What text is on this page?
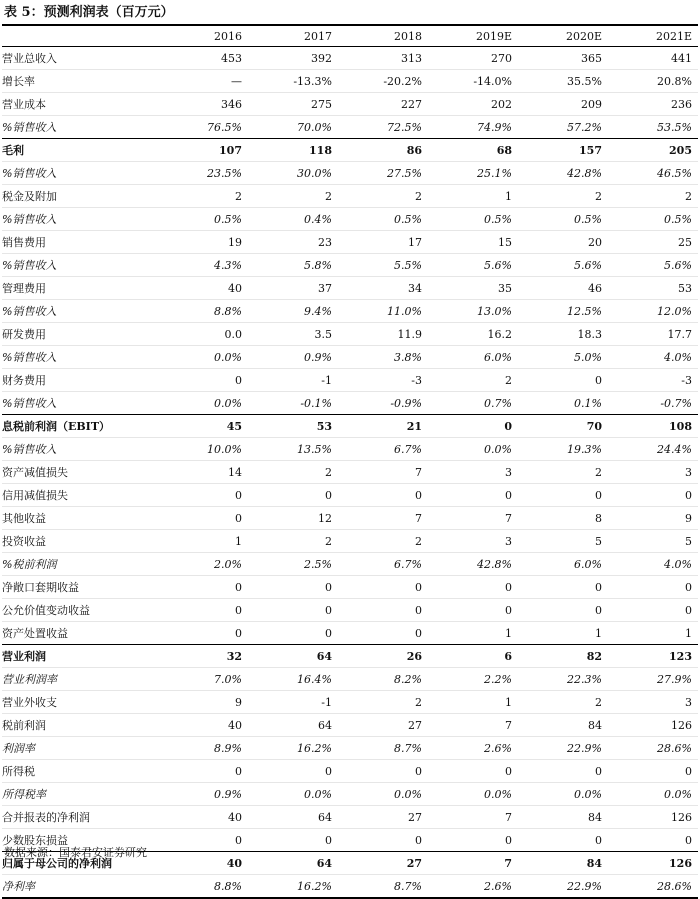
表 5：预测利润表（百万元）
	2016	2017	2018	2019E	2020E	2021E
营业总收入	453	392	313	270	365	441
增长率	—	-13.3%	-20.2%	-14.0%	35.5%	20.8%
营业成本	346	275	227	202	209	236
%销售收入	76.5%	70.0%	72.5%	74.9%	57.2%	53.5%
毛利	107	118	86	68	157	205
%销售收入	23.5%	30.0%	27.5%	25.1%	42.8%	46.5%
税金及附加	2	2	2	1	2	2
%销售收入	0.5%	0.4%	0.5%	0.5%	0.5%	0.5%
销售费用	19	23	17	15	20	25
%销售收入	4.3%	5.8%	5.5%	5.6%	5.6%	5.6%
管理费用	40	37	34	35	46	53
%销售收入	8.8%	9.4%	11.0%	13.0%	12.5%	12.0%
研发费用	0.0	3.5	11.9	16.2	18.3	17.7
%销售收入	0.0%	0.9%	3.8%	6.0%	5.0%	4.0%
财务费用	0	-1	-3	2	0	-3
%销售收入	0.0%	-0.1%	-0.9%	0.7%	0.1%	-0.7%
息税前利润（EBIT）	45	53	21	0	70	108
%销售收入	10.0%	13.5%	6.7%	0.0%	19.3%	24.4%
资产减值损失	14	2	7	3	2	3
信用减值损失	0	0	0	0	0	0
其他收益	0	12	7	7	8	9
投资收益	1	2	2	3	5	5
%税前利润	2.0%	2.5%	6.7%	42.8%	6.0%	4.0%
净敞口套期收益	0	0	0	0	0	0
公允价值变动收益	0	0	0	0	0	0
资产处置收益	0	0	0	1	1	1
营业利润	32	64	26	6	82	123
营业利润率	7.0%	16.4%	8.2%	2.2%	22.3%	27.9%
营业外收支	9	-1	2	1	2	3
税前利润	40	64	27	7	84	126
利润率	8.9%	16.2%	8.7%	2.6%	22.9%	28.6%
所得税	0	0	0	0	0	0
所得税率	0.9%	0.0%	0.0%	0.0%	0.0%	0.0%
合并报表的净利润	40	64	27	7	84	126
少数股东损益	0	0	0	0	0	0
归属于母公司的净利润	40	64	27	7	84	126
净利率	8.8%	16.2%	8.7%	2.6%	22.9%	28.6%
数据来源：国泰君安证券研究
